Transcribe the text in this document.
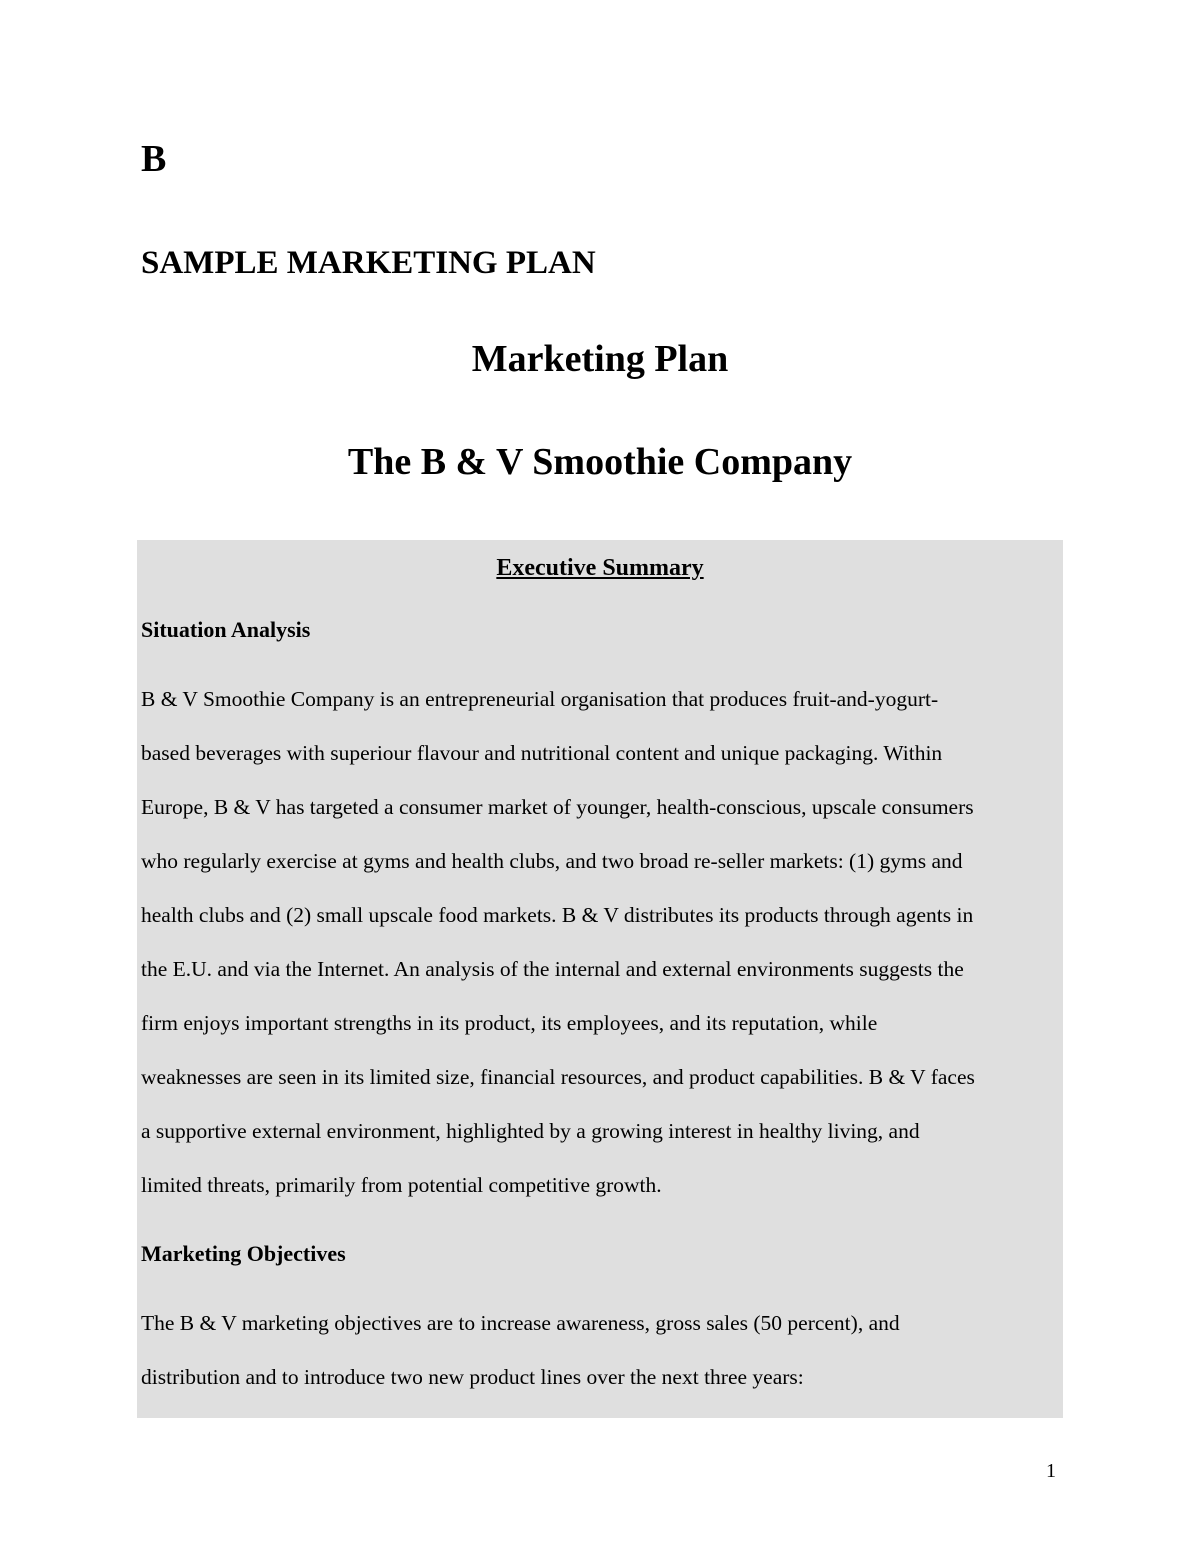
B
SAMPLE MARKETING PLAN
Marketing Plan
The B & V Smoothie Company
Executive Summary
Situation Analysis
B & V Smoothie Company is an entrepreneurial organisation that produces fruit-and-yogurt-
based beverages with superiour flavour and nutritional content and unique packaging. Within
Europe, B & V has targeted a consumer market of younger, health-conscious, upscale consumers
who regularly exercise at gyms and health clubs, and two broad re-seller markets: (1) gyms and
health clubs and (2) small upscale food markets. B & V distributes its products through agents in
the E.U. and via the Internet. An analysis of the internal and external environments suggests the
firm enjoys important strengths in its product, its employees, and its reputation, while
weaknesses are seen in its limited size, financial resources, and product capabilities. B & V faces
a supportive external environment, highlighted by a growing interest in healthy living, and
limited threats, primarily from potential competitive growth.
Marketing Objectives
The B & V marketing objectives are to increase awareness, gross sales (50 percent), and
distribution and to introduce two new product lines over the next three years:
1
